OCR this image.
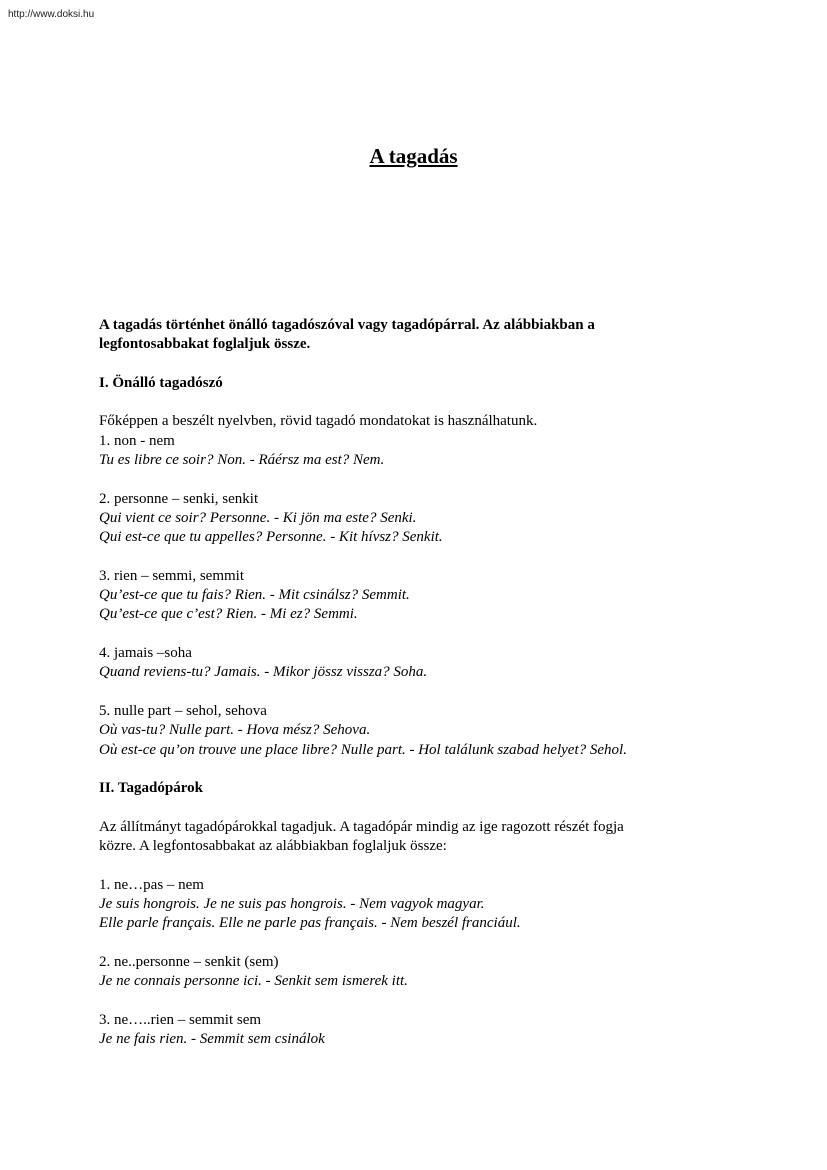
http://www.doksi.hu
A tagadás

A tagadás történhet önálló tagadószóval vagy tagadópárral. Az alábbiakban a
legfontosabbakat foglaljuk össze.

I. Önálló tagadószó

Főképpen a beszélt nyelvben, rövid tagadó mondatokat is használhatunk.

1. non - nem

Tu es libre ce soir? Non. - Ráérsz ma est? Nem.

2. personne – senki, senkit

Qui vient ce soir? Personne. - Ki jön ma este? Senki.

Qui est-ce que tu appelles? Personne. - Kit hívsz? Senkit.

3. rien – semmi, semmit

Qu’est-ce que tu fais? Rien. - Mit csinálsz? Semmit.

Qu’est-ce que c’est? Rien. - Mi ez? Semmi.

4. jamais –soha

Quand reviens-tu? Jamais. - Mikor jössz vissza? Soha.

5. nulle part – sehol, sehova

Où vas-tu? Nulle part. - Hova mész? Sehova.

Où est-ce qu’on trouve une place libre? Nulle part. - Hol találunk szabad helyet? Sehol.

II. Tagadópárok

Az állítmányt tagadópárokkal tagadjuk. A tagadópár mindig az ige ragozott részét fogja
közre. A legfontosabbakat az alábbiakban foglaljuk össze:

1. ne…pas – nem

Je suis hongrois. Je ne suis pas hongrois. - Nem vagyok magyar.

Elle parle français. Elle ne parle pas français. - Nem beszél franciául.

2. ne..personne – senkit (sem)

Je ne connais personne ici. - Senkit sem ismerek itt.

3. ne…..rien – semmit sem

Je ne fais rien. - Semmit sem csinálok
